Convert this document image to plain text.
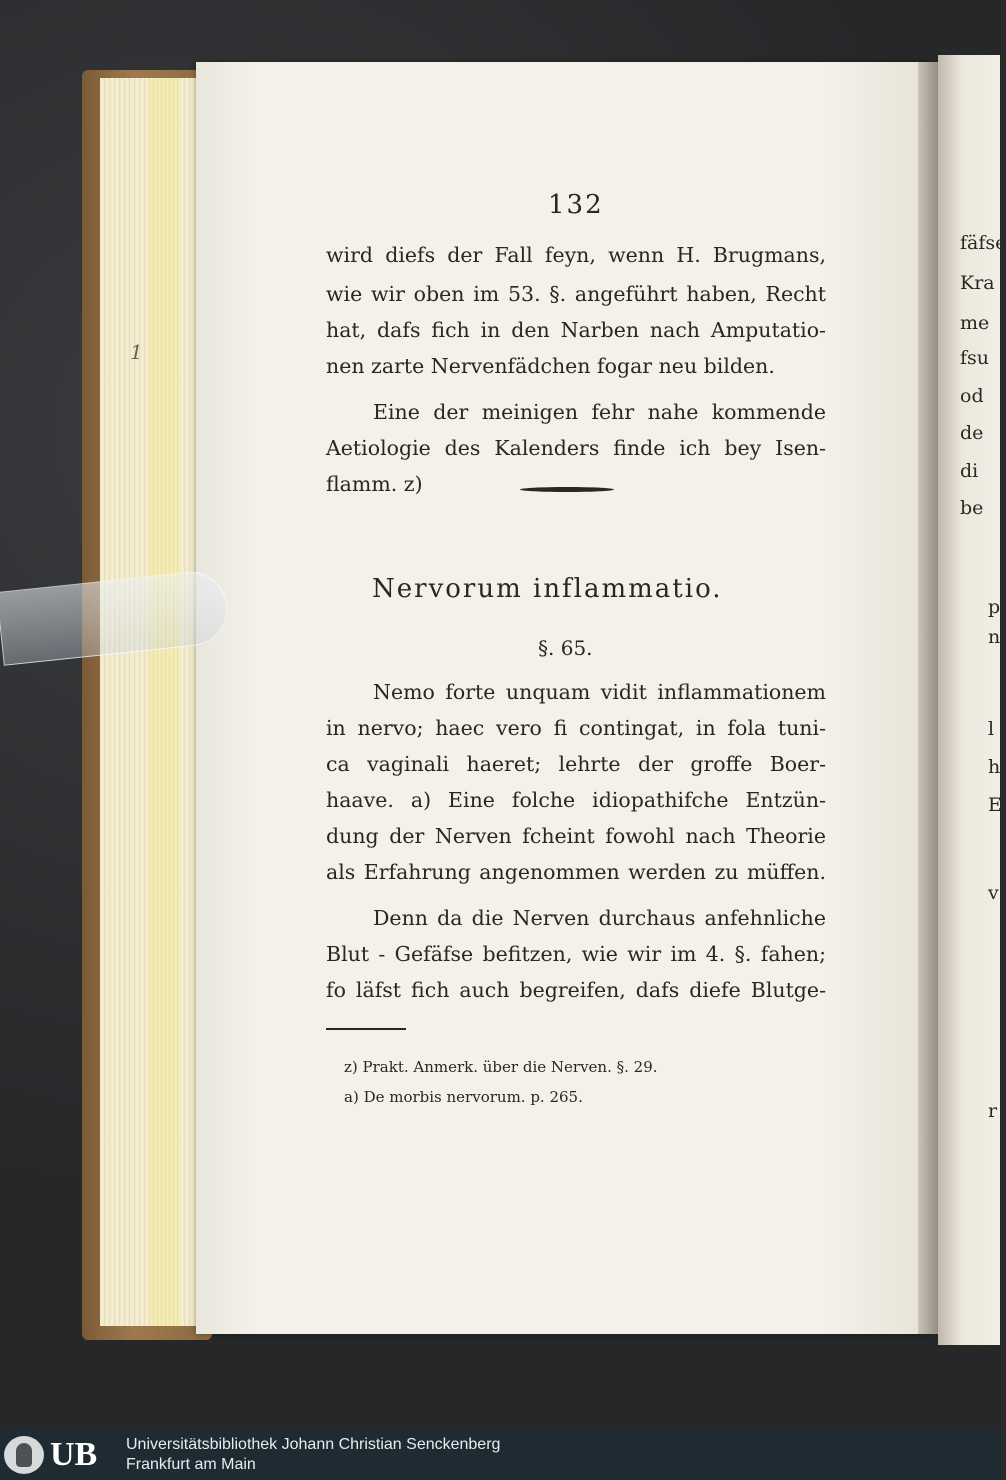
1
fäfse
Kra
me
fsu
od
de
di
be
p
n
l
h
E
v
r
132
wird diefs der Fall feyn, wenn H. Brugmans,
wie wir oben im 53. §. angeführt haben, Recht
hat, dafs fich in den Narben nach Amputatio-
nen zarte Nervenfädchen fogar neu bilden.
Eine der meinigen fehr nahe kommende
Aetiologie des Kalenders finde ich bey Isen-
flamm. z)
Nervorum inflammatio.
§. 65.
Nemo forte unquam vidit inflammationem
in nervo; haec vero fi contingat, in fola tuni-
ca vaginali haeret; lehrte der groffe Boer-
haave. a) Eine folche idiopathifche Entzün-
dung der Nerven fcheint fowohl nach Theorie
als Erfahrung angenommen werden zu müffen.
Denn da die Nerven durchaus anfehnliche
Blut - Gefäfse befitzen, wie wir im 4. §. fahen;
fo läfst fich auch begreifen, dafs diefe Blutge-
z) Prakt. Anmerk. über die Nerven. §. 29.
a) De morbis nervorum. p. 265.
UB Universitätsbibliothek Johann Christian Senckenberg
Frankfurt am Main
